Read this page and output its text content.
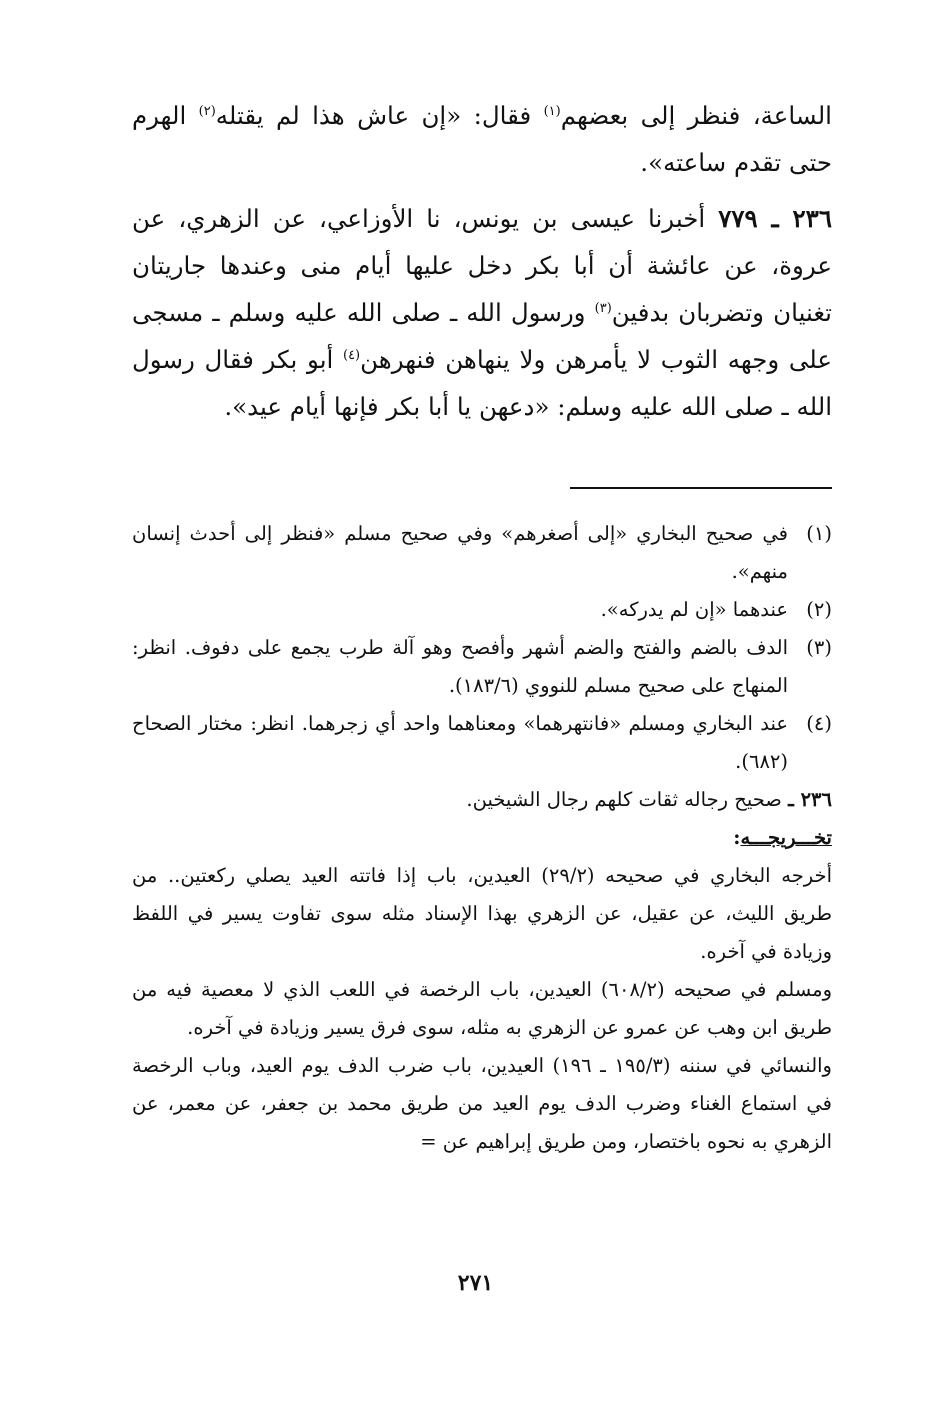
الساعة، فنظر إلى بعضهم$^{(١)}$ فقال: «إن عاش هذا لم يقتله$^{(٢)}$ الهرم حتى تقدم ساعته».

٢٣٦ ـ ٧٧٩ أخبرنا عيسى بن يونس، نا الأوزاعي، عن الزهري، عن عروة، عن عائشة أن أبا بكر دخل عليها أيام منى وعندها جاريتان تغنيان وتضربان بدفين$^{(٣)}$ ورسول الله ـ صلى الله عليه وسلم ـ مسجى على وجهه الثوب لا يأمرهن ولا ينهاهن فنهرهن$^{(٤)}$ أبو بكر فقال رسول الله ـ صلى الله عليه وسلم: «دعهن يا أبا بكر فإنها أيام عيد».

(١)
في صحيح البخاري «إلى أصغرهم» وفي صحيح مسلم «فنظر إلى أحدث إنسان منهم».
(٢)
عندهما «إن لم يدركه».
(٣)
الدف بالضم والفتح والضم أشهر وأفصح وهو آلة طرب يجمع على دفوف. انظر: المنهاج على صحيح مسلم للنووي (١٨٣/٦).
(٤)
عند البخاري ومسلم «فانتهرهما» ومعناهما واحد أي زجرهما. انظر: مختار الصحاح (٦٨٢).

٢٣٦ ـ صحيح رجاله ثقات كلهم رجال الشيخين.

تخـــريجـــه:

أخرجه البخاري في صحيحه (٢٩/٢) العيدين، باب إذا فاتته العيد يصلي ركعتين.. من طريق الليث، عن عقيل، عن الزهري بهذا الإسناد مثله سوى تفاوت يسير في اللفظ وزيادة في آخره.

ومسلم في صحيحه (٦٠٨/٢) العيدين، باب الرخصة في اللعب الذي لا معصية فيه من طريق ابن وهب عن عمرو عن الزهري به مثله، سوى فرق يسير وزيادة في آخره.

والنسائي في سننه (١٩٥/٣ ـ ١٩٦) العيدين، باب ضرب الدف يوم العيد، وباب الرخصة في استماع الغناء وضرب الدف يوم العيد من طريق محمد بن جعفر، عن معمر، عن الزهري به نحوه باختصار، ومن طريق إبراهيم عن =

٢٧١
